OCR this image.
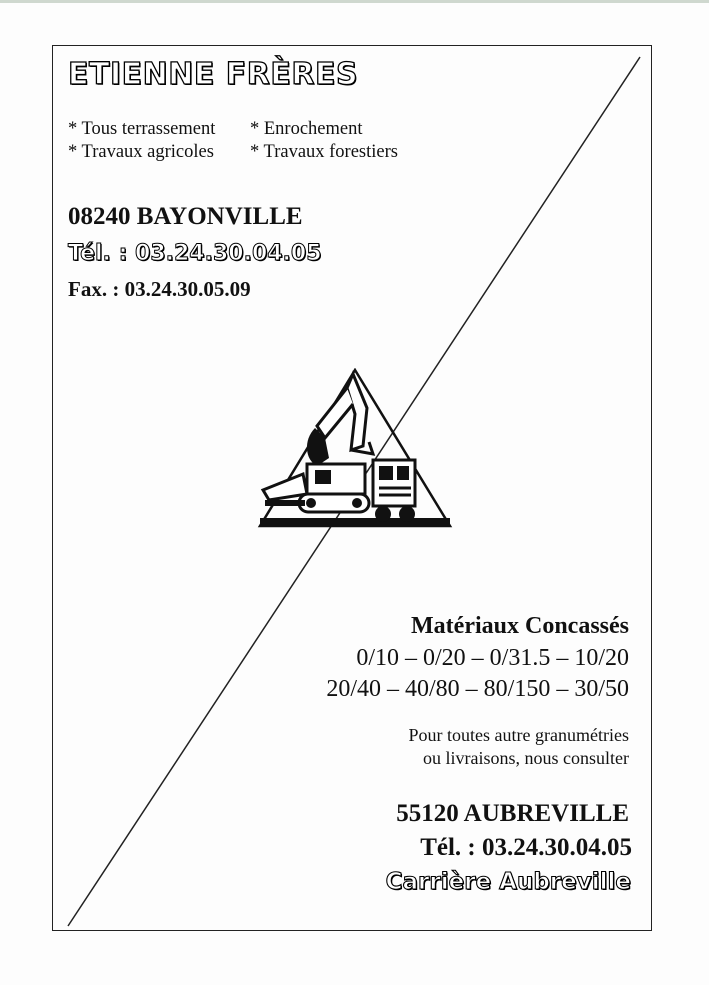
ETIENNE FRÈRES
* Tous terrassement * Enrochement
* Travaux agricoles * Travaux forestiers
08240 BAYONVILLE
Tél. : 03.24.30.04.05
Fax. : 03.24.30.05.09
Matériaux Concassés
0/10 – 0/20 – 0/31.5 – 10/20
20/40 – 40/80 – 80/150 – 30/50
Pour toutes autre granumétries
ou livraisons, nous consulter
55120 AUBREVILLE
Tél. : 03.24.30.04.05
Carrière Aubreville
